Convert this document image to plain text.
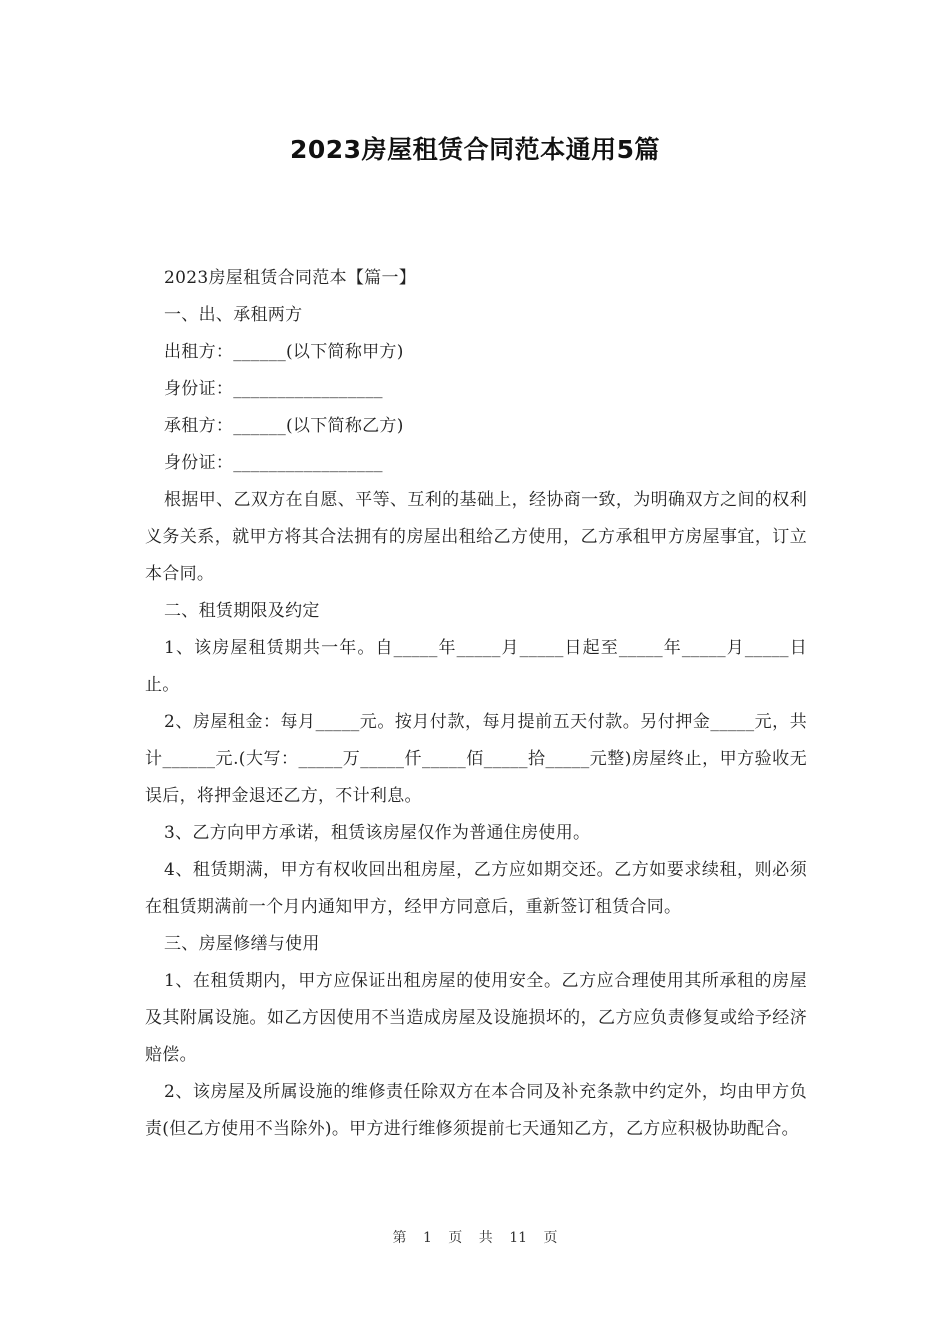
2023房屋租赁合同范本通用5篇

2023房屋租赁合同范本【篇一】

一、出、承租两方

出租方：______(以下简称甲方)

身份证：_________________

承租方：______(以下简称乙方)

身份证：_________________

根据甲、乙双方在自愿、平等、互利的基础上，经协商一致，为明确双方之间的权利义务关系，就甲方将其合法拥有的房屋出租给乙方使用，乙方承租甲方房屋事宜，订立本合同。

二、租赁期限及约定

1、该房屋租赁期共一年。自_____年_____月_____日起至_____年_____月_____日止。

2、房屋租金：每月_____元。按月付款，每月提前五天付款。另付押金_____元，共计______元.(大写：_____万_____仟_____佰_____拾_____元整)房屋终止，甲方验收无误后，将押金退还乙方，不计利息。

3、乙方向甲方承诺，租赁该房屋仅作为普通住房使用。

4、租赁期满，甲方有权收回出租房屋，乙方应如期交还。乙方如要求续租，则必须在租赁期满前一个月内通知甲方，经甲方同意后，重新签订租赁合同。

三、房屋修缮与使用

1、在租赁期内，甲方应保证出租房屋的使用安全。乙方应合理使用其所承租的房屋及其附属设施。如乙方因使用不当造成房屋及设施损坏的，乙方应负责修复或给予经济赔偿。

2、该房屋及所属设施的维修责任除双方在本合同及补充条款中约定外，均由甲方负责(但乙方使用不当除外)。甲方进行维修须提前七天通知乙方，乙方应积极协助配合。

第 1 页 共 11 页
